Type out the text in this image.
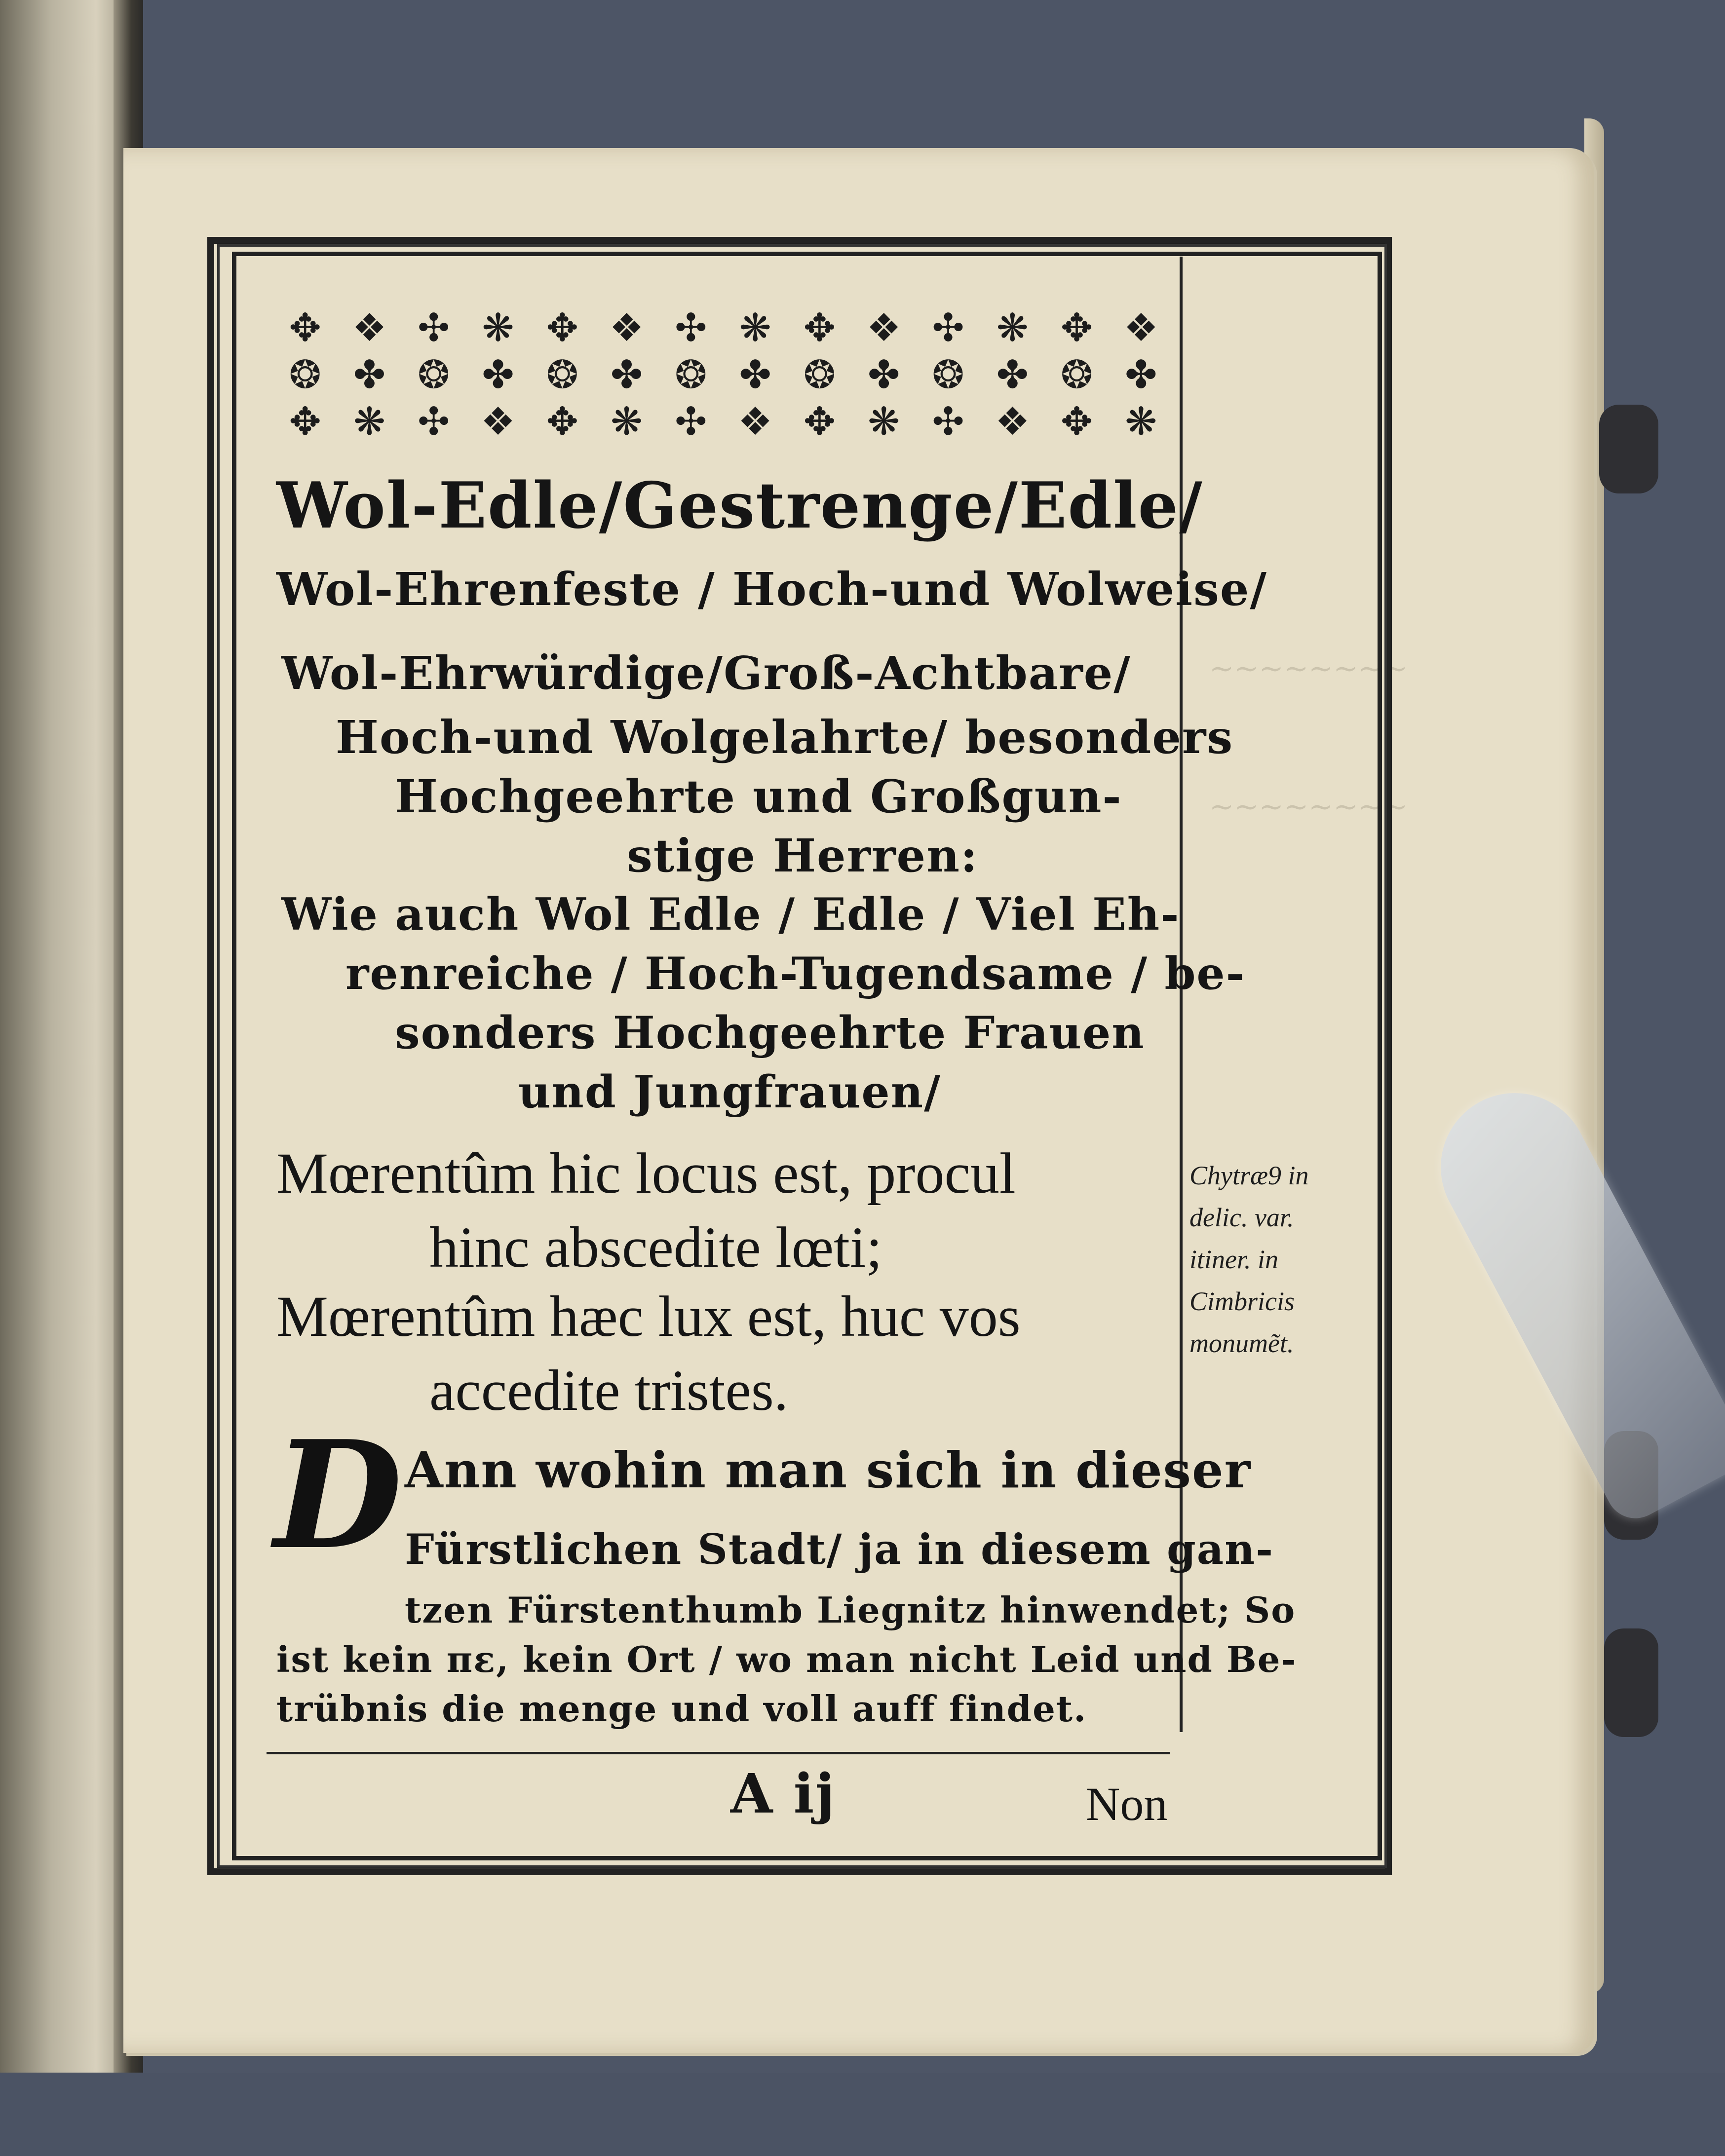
~~~~~~~~
~~~~~~~~
✥ ❖ ✣ ❋ ✥ ❖ ✣ ❋ ✥ ❖ ✣ ❋ ✥ ❖
❂ ✤ ❂ ✤ ❂ ✤ ❂ ✤ ❂ ✤ ❂ ✤ ❂ ✤
✥ ❋ ✣ ❖ ✥ ❋ ✣ ❖ ✥ ❋ ✣ ❖ ✥ ❋
Wol-Edle/Gestrenge/Edle/
Wol-Ehrenfeste / Hoch-und Wolweise/
Wol-Ehrwürdige/Groß-Achtbare/
Hoch-und Wolgelahrte/ besonders
Hochgeehrte und Großgun-
stige Herren:
Wie auch Wol Edle / Edle / Viel Eh-
renreiche / Hoch-Tugendsame / be-
sonders Hochgeehrte Frauen
und Jungfrauen/
Mœrentûm hic locus est, procul
hinc abscedite lœti;
Mœrentûm hæc lux est, huc vos
accedite tristes.
D Ann wohin man sich in dieser
Fürstlichen Stadt/ ja in diesem gan-
tzen Fürstenthumb Liegnitz hinwendet; So
ist kein πε, kein Ort / wo man nicht Leid und Be-
trübnis die menge und voll auff findet.
A ij	Non
Chytræ9 in
delic. var.
itiner. in
Cimbricis
monumẽt.
